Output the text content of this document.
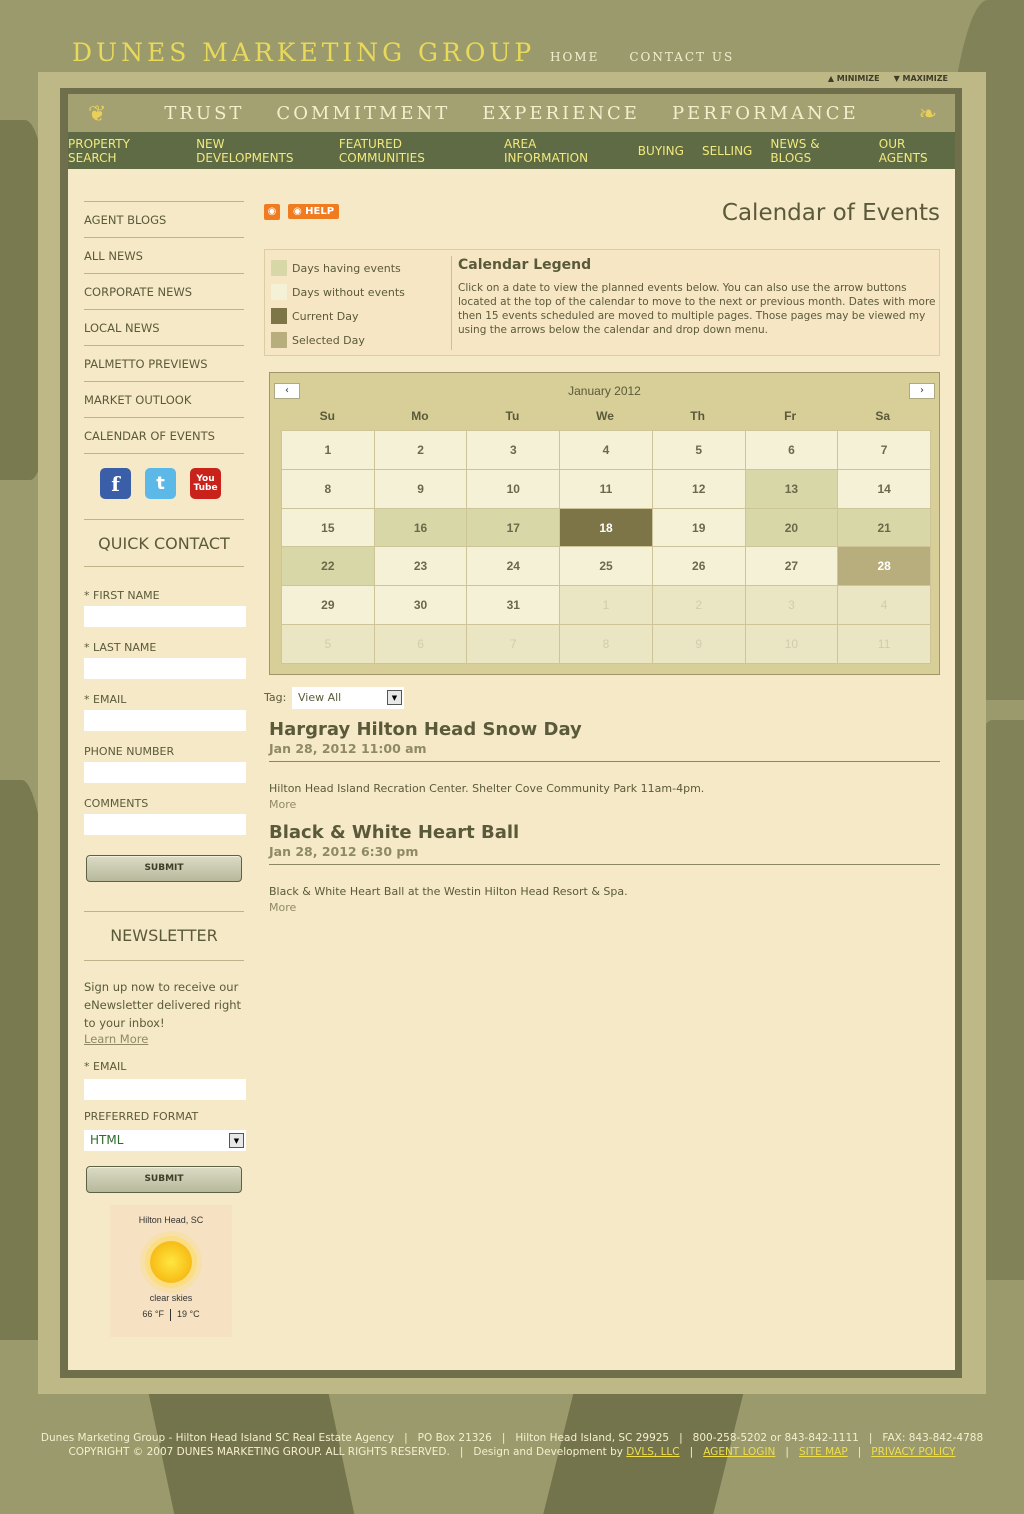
DUNES MARKETING GROUP HOME	CONTACT US
▲ MINIMIZE ▼ MAXIMIZE
❦	TRUST COMMITMENT EXPERIENCE PERFORMANCE	❧
PROPERTY SEARCH
NEW DEVELOPMENTS
FEATURED COMMUNITIES
AREA INFORMATION	BUYING SELLING NEWS & BLOGS
OUR AGENTS
AGENT BLOGS
ALL NEWS
CORPORATE NEWS
LOCAL NEWS
PALMETTO PREVIEWS
MARKET OUTLOOK
CALENDAR OF EVENTS
f	t	You
Tube
QUICK CONTACT
* FIRST NAME
* LAST NAME
* EMAIL
PHONE NUMBER
COMMENTS
SUBMIT
NEWSLETTER
Sign up now to receive our eNewsletter delivered right to your inbox!
Learn More
* EMAIL
PREFERRED FORMAT
HTML	▼
SUBMIT
Hilton Head, SC
clear skies
66 °F 19 °C
◉	◉ HELP	Calendar of Events
Days having events
Days without events
Current Day
Selected Day
Calendar Legend
Click on a date to view the planned events below. You can also use the arrow buttons located at the top of the calendar to move to the next or previous month. Dates with more then 15 events scheduled are moved to multiple pages. Those pages may be viewed my using the arrows below the calendar and drop down menu.
‹	January 2012	›
Su	Mo	Tu	We	Th	Fr	Sa
1	2	3	4	5	6	7
8	9	10	11	12	13	14
15	16	17	18	19	20	21
22	23	24	25	26	27	28
29	30	31	1	2	3	4
5	6	7	8	9	10	11
Tag:	View All	▼
Hargray Hilton Head Snow Day
Jan 28, 2012 11:00 am
Hilton Head Island Recration Center. Shelter Cove Community Park 11am-4pm.
More
Black & White Heart Ball
Jan 28, 2012 6:30 pm
Black & White Heart Ball at the Westin Hilton Head Resort & Spa.
More
Dunes Marketing Group - Hilton Head Island SC Real Estate Agency   |   PO Box 21326   |   Hilton Head Island, SC 29925   |   800-258-5202 or 843-842-1111   |   FAX: 843-842-4788
COPYRIGHT © 2007 DUNES MARKETING GROUP. ALL RIGHTS RESERVED.   |   Design and Development by DVLS, LLC | AGENT LOGIN | SITE MAP | PRIVACY POLICY
